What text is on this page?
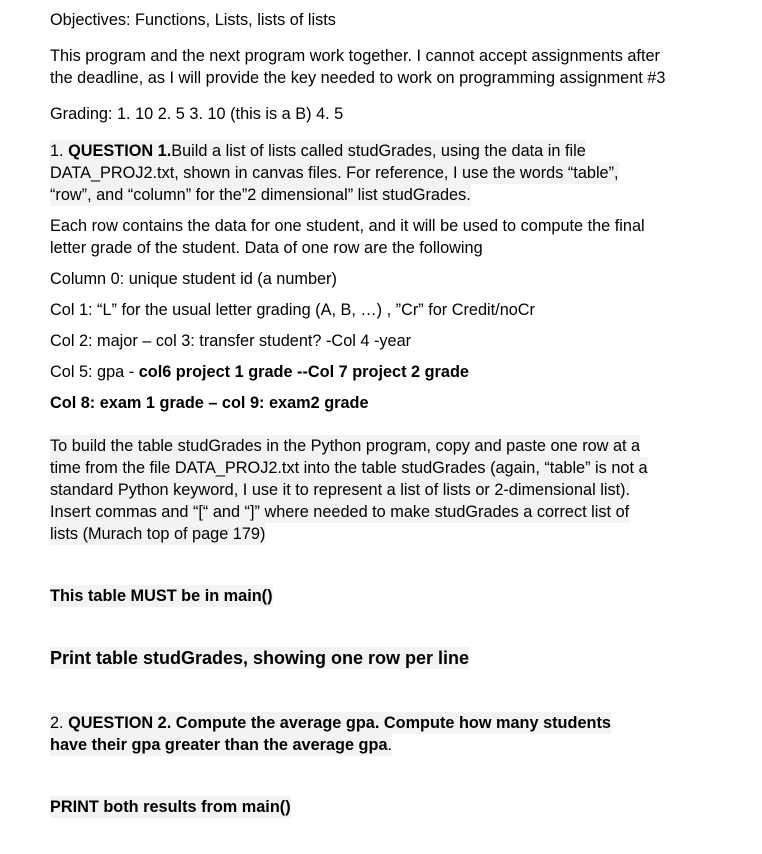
Objectives: Functions, Lists, lists of lists
This program and the next program work together. I cannot accept assignments after
the deadline, as I will provide the key needed to work on programming assignment #3
Grading: 1. 10 2. 5 3. 10 (this is a B) 4. 5
1. QUESTION 1.Build a list of lists called studGrades, using the data in file
DATA_PROJ2.txt, shown in canvas files. For reference, I use the words “table”,
“row”, and “column” for the”2 dimensional” list studGrades.
Each row contains the data for one student, and it will be used to compute the final
letter grade of the student. Data of one row are the following
Column 0: unique student id (a number)
Col 1: “L” for the usual letter grading (A, B, …) , ”Cr” for Credit/noCr
Col 2: major – col 3: transfer student? -Col 4 -year
Col 5: gpa - col6 project 1 grade --Col 7 project 2 grade
Col 8: exam 1 grade – col 9: exam2 grade
To build the table studGrades in the Python program, copy and paste one row at a
time from the file DATA_PROJ2.txt into the table studGrades (again, “table” is not a
standard Python keyword, I use it to represent a list of lists or 2-dimensional list).
Insert commas and “[“ and “]” where needed to make studGrades a correct list of
lists (Murach top of page 179)
This table MUST be in main()
Print table studGrades, showing one row per line
2. QUESTION 2. Compute the average gpa. Compute how many students
have their gpa greater than the average gpa.
PRINT both results from main()
